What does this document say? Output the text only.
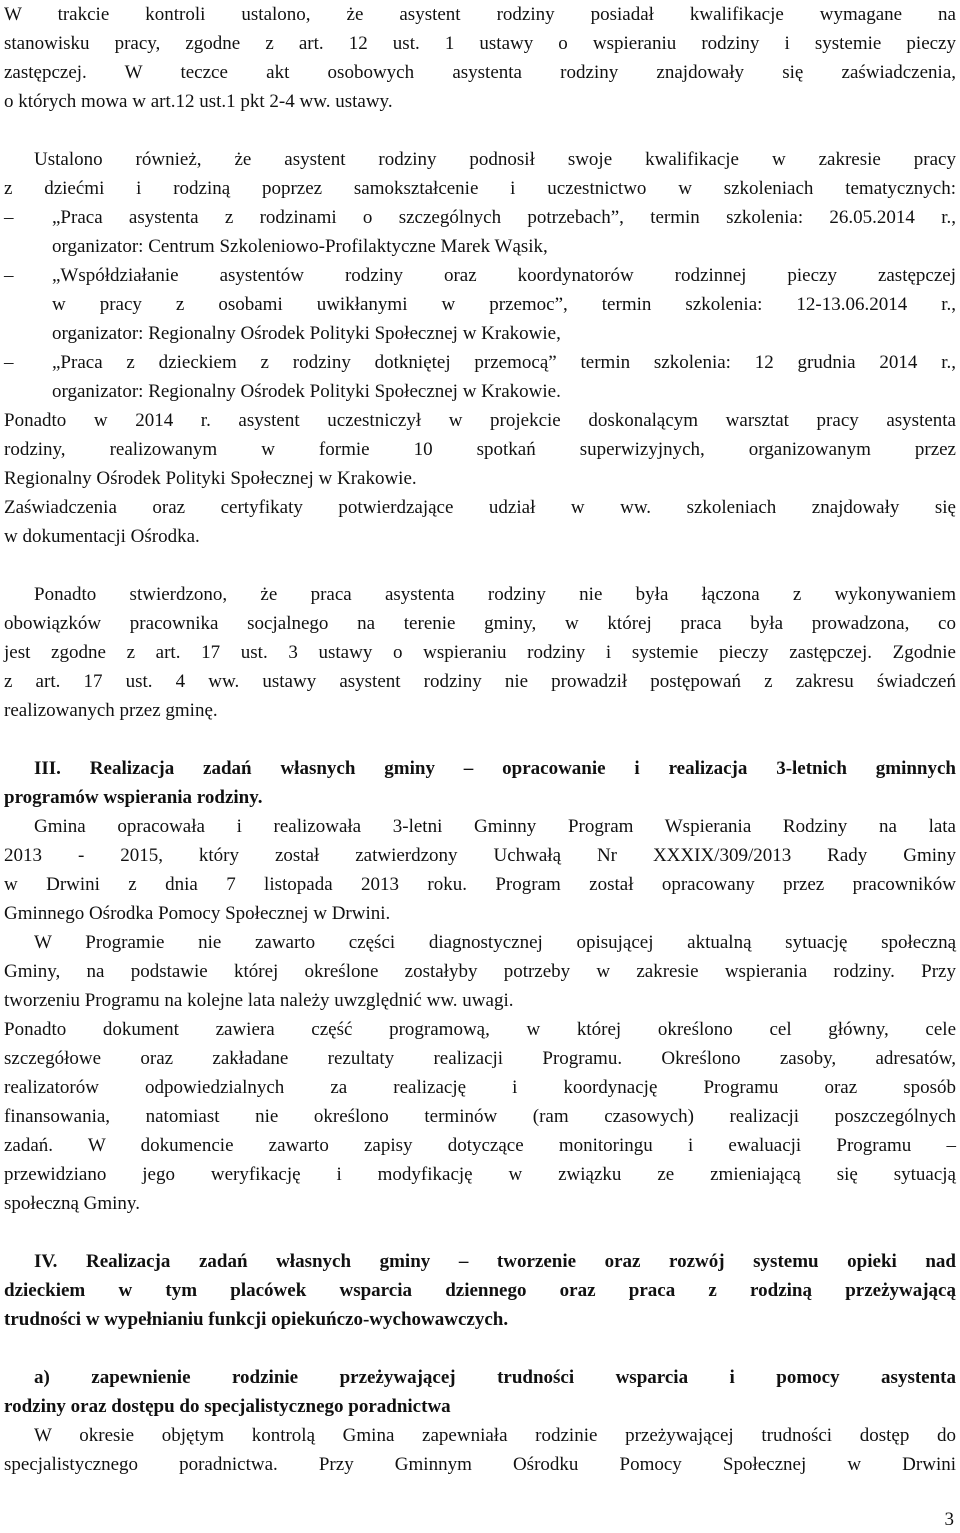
W trakcie kontroli ustalono, że asystent rodziny posiadał kwalifikacje wymagane na
stanowisku pracy, zgodne z art. 12 ust. 1 ustawy o wspieraniu rodziny i systemie pieczy
zastępczej. W teczce akt osobowych asystenta rodziny znajdowały się zaświadczenia,
o których mowa w art.12 ust.1 pkt 2-4 ww. ustawy.
Ustalono również, że asystent rodziny podnosił swoje kwalifikacje w zakresie pracy
z dziećmi i rodziną poprzez samokształcenie i uczestnictwo w szkoleniach tematycznych:
–	„Praca asystenta z rodzinami o szczególnych potrzebach”, termin szkolenia: 26.05.2014 r.,
organizator: Centrum Szkoleniowo-Profilaktyczne Marek Wąsik,
–	„Współdziałanie asystentów rodziny oraz koordynatorów rodzinnej pieczy zastępczej
w pracy z osobami uwikłanymi w przemoc”, termin szkolenia: 12-13.06.2014 r.,
organizator: Regionalny Ośrodek Polityki Społecznej w Krakowie,
–	„Praca z dzieckiem z rodziny dotkniętej przemocą” termin szkolenia: 12 grudnia 2014 r.,
organizator: Regionalny Ośrodek Polityki Społecznej w Krakowie.
Ponadto w 2014 r. asystent uczestniczył w projekcie doskonalącym warsztat pracy asystenta
rodziny, realizowanym w formie 10 spotkań superwizyjnych, organizowanym przez
Regionalny Ośrodek Polityki Społecznej w Krakowie.
Zaświadczenia oraz certyfikaty potwierdzające udział w ww. szkoleniach znajdowały się
w dokumentacji Ośrodka.
Ponadto stwierdzono, że praca asystenta rodziny nie była łączona z wykonywaniem
obowiązków pracownika socjalnego na terenie gminy, w której praca była prowadzona, co
jest zgodne z art. 17 ust. 3 ustawy o wspieraniu rodziny i systemie pieczy zastępczej. Zgodnie
z art. 17 ust. 4 ww. ustawy asystent rodziny nie prowadził postępowań z zakresu świadczeń
realizowanych przez gminę.
III. Realizacja zadań własnych gminy – opracowanie i realizacja 3-letnich gminnych
programów wspierania rodziny.
Gmina opracowała i realizowała 3-letni Gminny Program Wspierania Rodziny na lata
2013 - 2015, który został zatwierdzony Uchwałą Nr XXXIX/309/2013 Rady Gminy
w Drwini z dnia 7 listopada 2013 roku. Program został opracowany przez pracowników
Gminnego Ośrodka Pomocy Społecznej w Drwini.
W Programie nie zawarto części diagnostycznej opisującej aktualną sytuację społeczną
Gminy, na podstawie której określone zostałyby potrzeby w zakresie wspierania rodziny. Przy
tworzeniu Programu na kolejne lata należy uwzględnić ww. uwagi.
Ponadto dokument zawiera część programową, w której określono cel główny, cele
szczegółowe oraz zakładane rezultaty realizacji Programu. Określono zasoby, adresatów,
realizatorów odpowiedzialnych za realizację i koordynację Programu oraz sposób
finansowania, natomiast nie określono terminów (ram czasowych) realizacji poszczególnych
zadań. W dokumencie zawarto zapisy dotyczące monitoringu i ewaluacji Programu –
przewidziano jego weryfikację i modyfikację w związku ze zmieniającą się sytuacją
społeczną Gminy.
IV. Realizacja zadań własnych gminy – tworzenie oraz rozwój systemu opieki nad
dzieckiem w tym placówek wsparcia dziennego oraz praca z rodziną przeżywającą
trudności w wypełnianiu funkcji opiekuńczo-wychowawczych.
a) zapewnienie rodzinie przeżywającej trudności wsparcia i pomocy asystenta
rodziny oraz dostępu do specjalistycznego poradnictwa
W okresie objętym kontrolą Gmina zapewniała rodzinie przeżywającej trudności dostęp do
specjalistycznego poradnictwa. Przy Gminnym Ośrodku Pomocy Społecznej w Drwini
3
